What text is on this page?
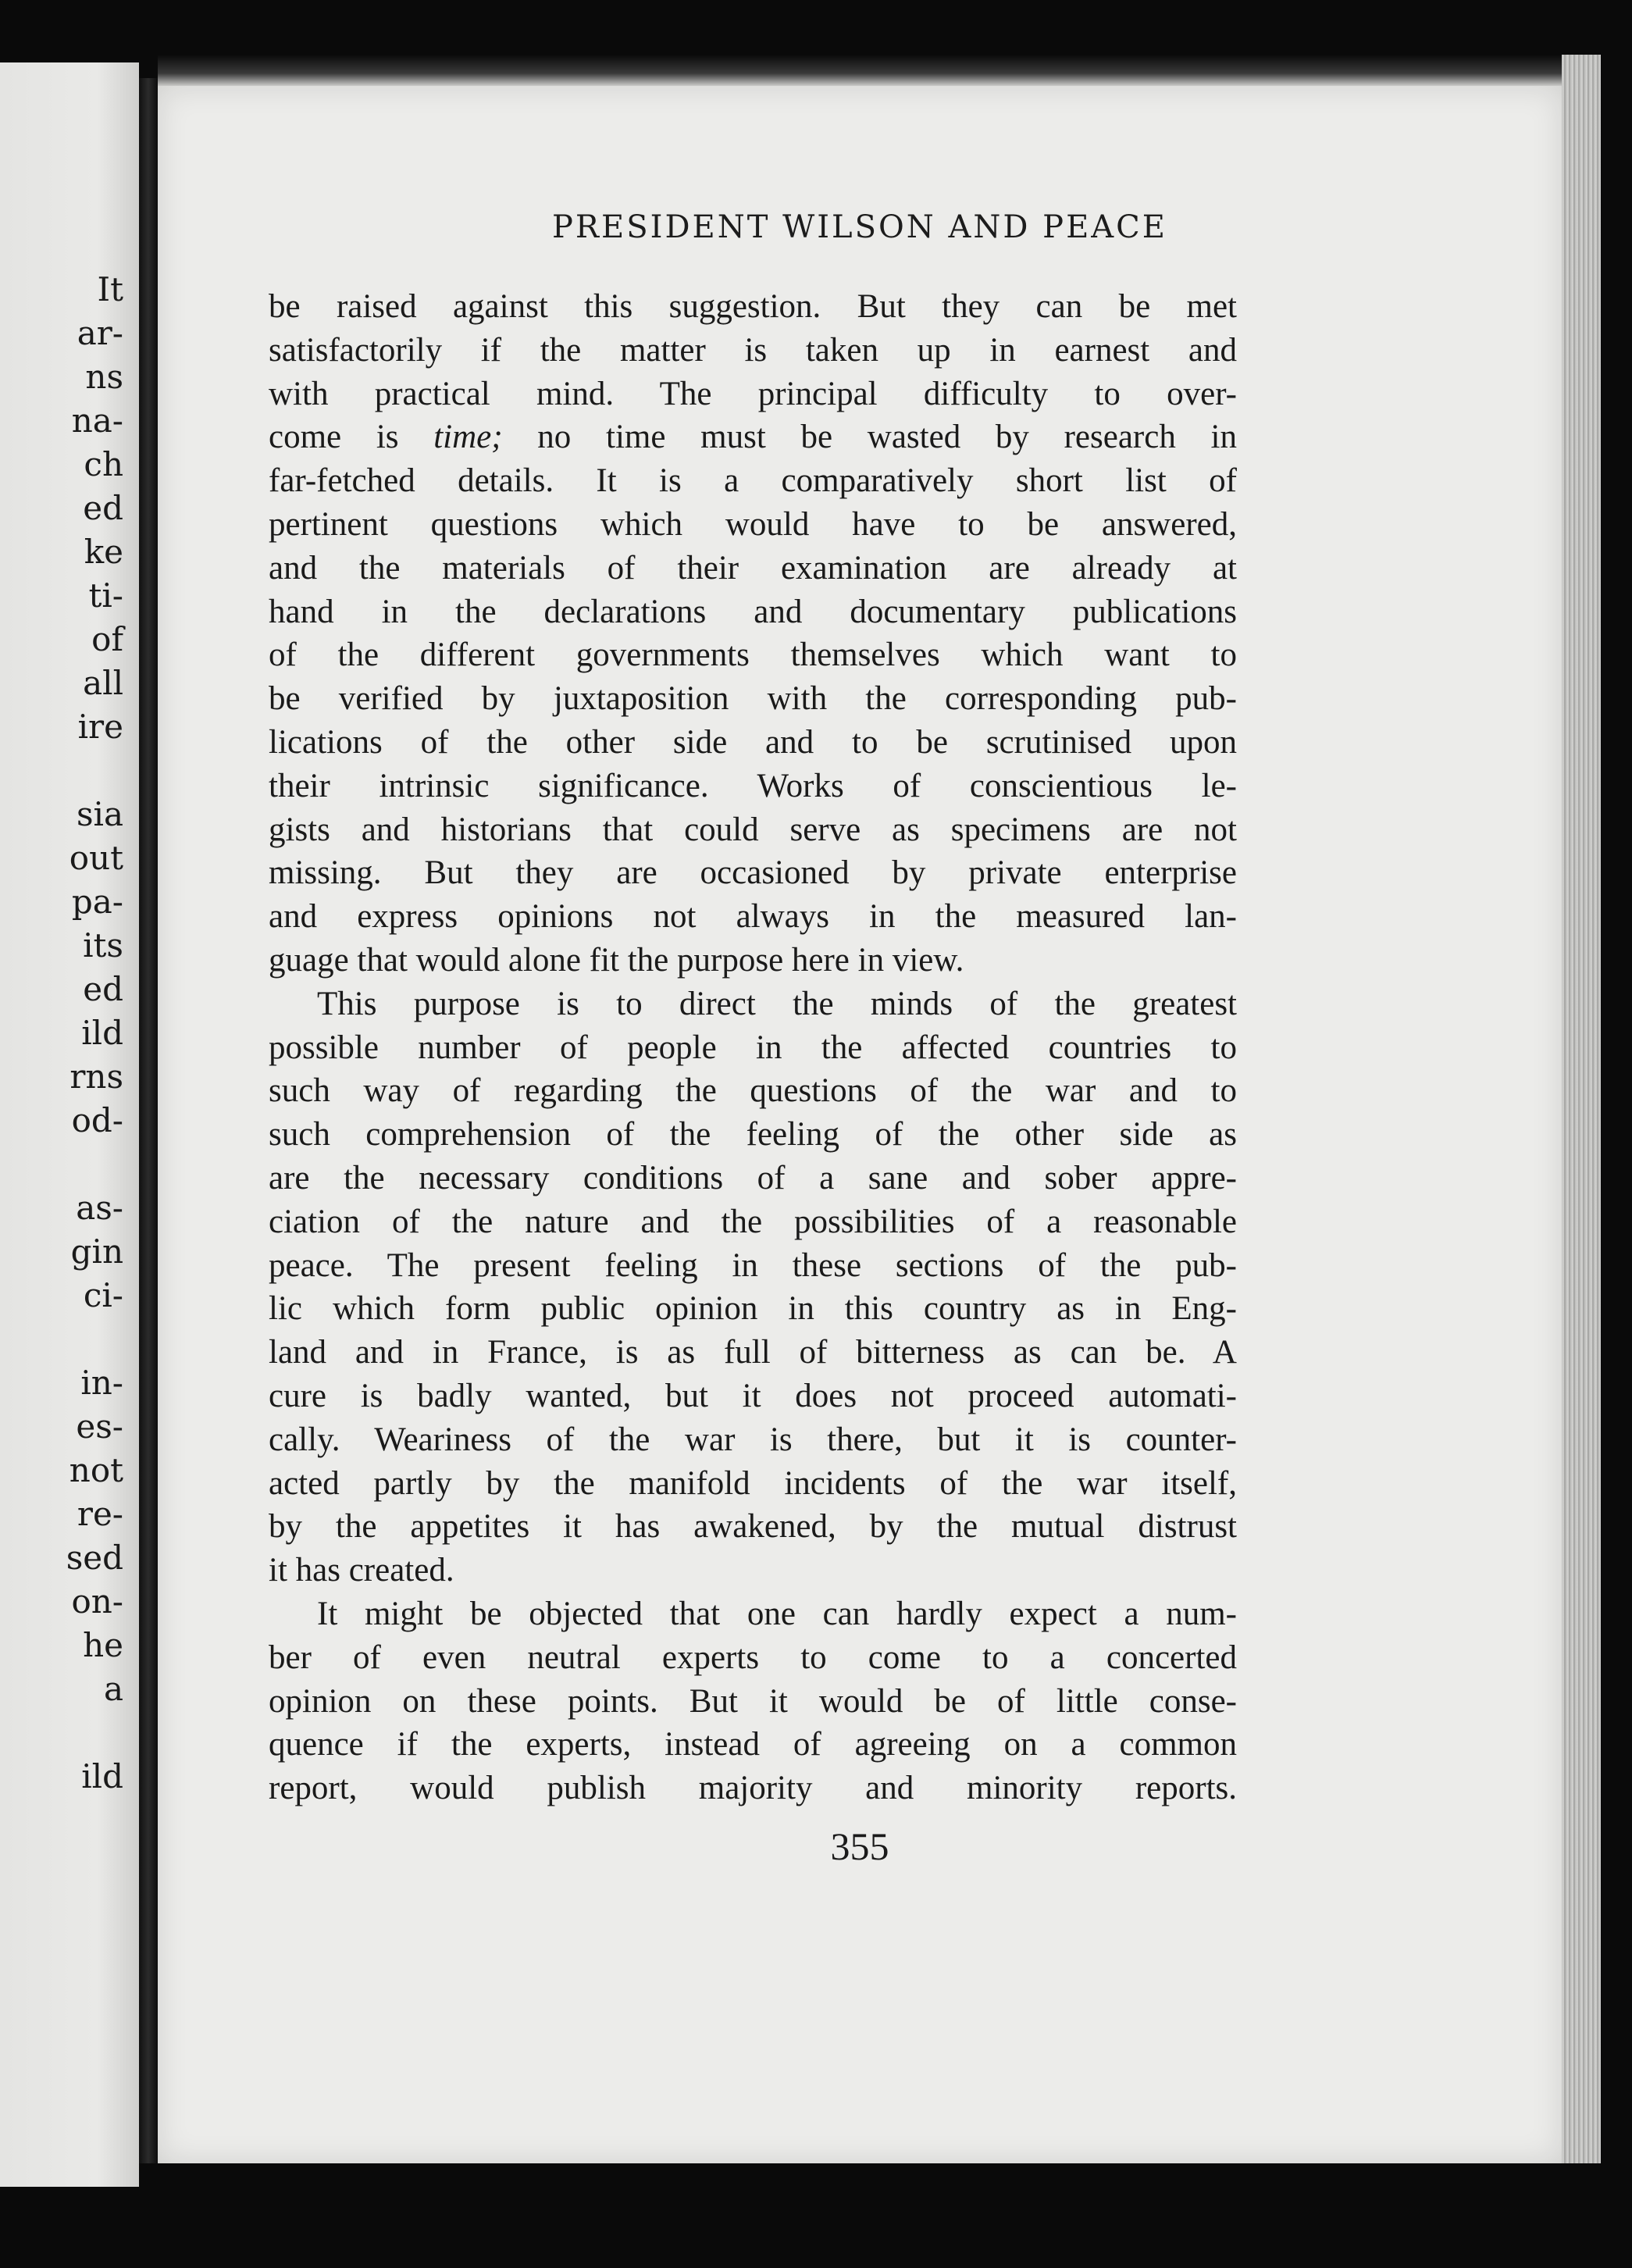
It
ar-
ns
na-
ch
ed
ke
ti-
of
all
ire
sia
out
pa-
its
ed
ild
rns
od-
as-
gin
ci-
in-
es-
not
re-
sed
on-
he
a
ild
PRESIDENT WILSON AND PEACE
be raised against this suggestion. But they can be met
satisfactorily if the matter is taken up in earnest and
with practical mind. The principal difficulty to over-
come is time; no time must be wasted by research in
far-fetched details. It is a comparatively short list of
pertinent questions which would have to be answered,
and the materials of their examination are already at
hand in the declarations and documentary publications
of the different governments themselves which want to
be verified by juxtaposition with the corresponding pub-
lications of the other side and to be scrutinised upon
their intrinsic significance. Works of conscientious le-
gists and historians that could serve as specimens are not
missing. But they are occasioned by private enterprise
and express opinions not always in the measured lan-
guage that would alone fit the purpose here in view.
This purpose is to direct the minds of the greatest
possible number of people in the affected countries to
such way of regarding the questions of the war and to
such comprehension of the feeling of the other side as
are the necessary conditions of a sane and sober appre-
ciation of the nature and the possibilities of a reasonable
peace. The present feeling in these sections of the pub-
lic which form public opinion in this country as in Eng-
land and in France, is as full of bitterness as can be. A
cure is badly wanted, but it does not proceed automati-
cally. Weariness of the war is there, but it is counter-
acted partly by the manifold incidents of the war itself,
by the appetites it has awakened, by the mutual distrust
it has created.
It might be objected that one can hardly expect a num-
ber of even neutral experts to come to a concerted
opinion on these points. But it would be of little conse-
quence if the experts, instead of agreeing on a common
report, would publish majority and minority reports.
355
